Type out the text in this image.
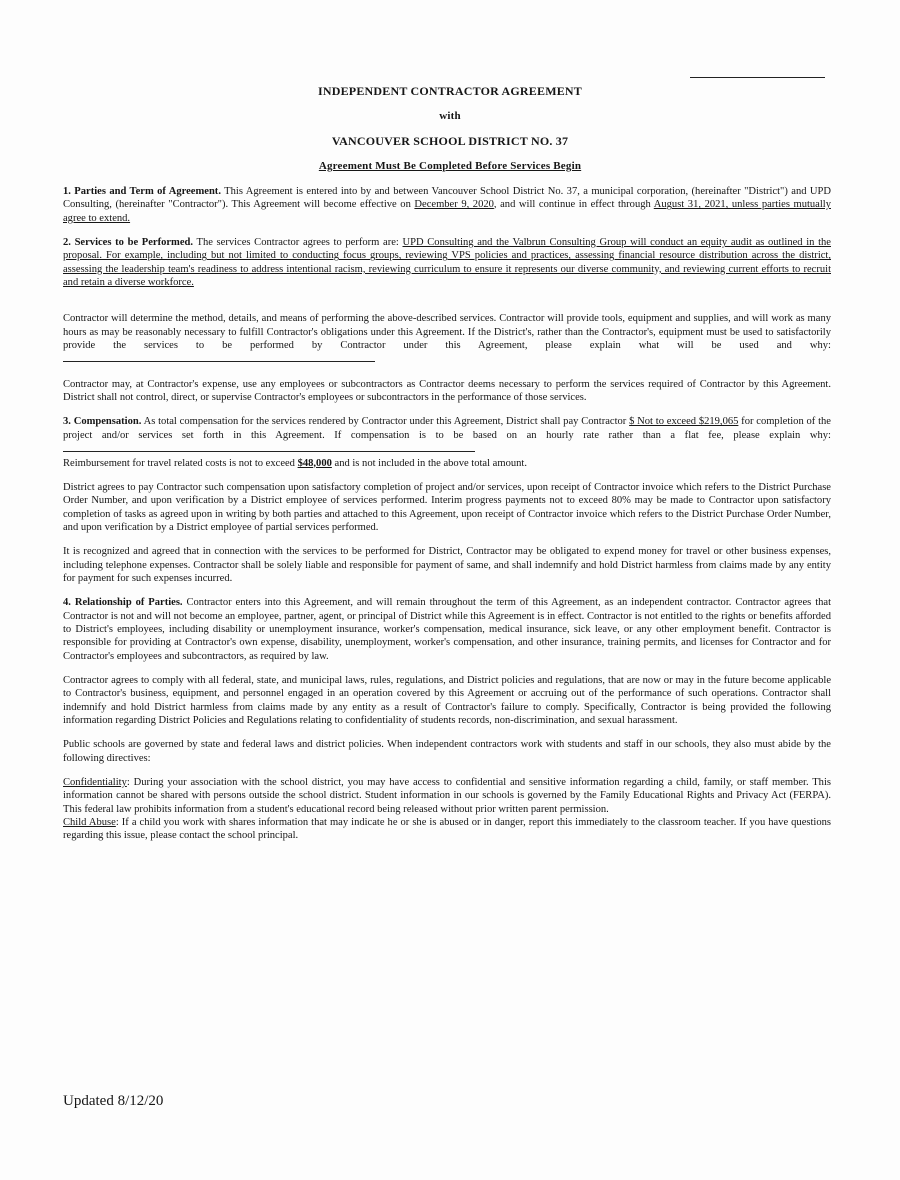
INDEPENDENT CONTRACTOR AGREEMENT
with
VANCOUVER SCHOOL DISTRICT NO. 37
Agreement Must Be Completed Before Services Begin

1. Parties and Term of Agreement. This Agreement is entered into by and between Vancouver School District No. 37, a municipal corporation, (hereinafter "District") and UPD Consulting, (hereinafter "Contractor"). This Agreement will become effective on December 9, 2020, and will continue in effect through August 31, 2021, unless parties mutually agree to extend.

2. Services to be Performed. The services Contractor agrees to perform are: UPD Consulting and the Valbrun Consulting Group will conduct an equity audit as outlined in the proposal. For example, including but not limited to conducting focus groups, reviewing VPS policies and practices, assessing financial resource distribution across the district, assessing the leadership team's readiness to address intentional racism, reviewing curriculum to ensure it represents our diverse community, and reviewing current efforts to recruit and retain a diverse workforce.

Contractor will determine the method, details, and means of performing the above-described services. Contractor will provide tools, equipment and supplies, and will work as many hours as may be reasonably necessary to fulfill Contractor's obligations under this Agreement. If the District's, rather than the Contractor's, equipment must be used to satisfactorily provide the services to be performed by Contractor under this Agreement, please explain what will be used and why:

Contractor may, at Contractor's expense, use any employees or subcontractors as Contractor deems necessary to perform the services required of Contractor by this Agreement. District shall not control, direct, or supervise Contractor's employees or subcontractors in the performance of those services.

3. Compensation. As total compensation for the services rendered by Contractor under this Agreement, District shall pay Contractor $ Not to exceed $219,065 for completion of the project and/or services set forth in this Agreement. If compensation is to be based on an hourly rate rather than a flat fee, please explain why:
Reimbursement for travel related costs is not to exceed $48,000 and is not included in the above total amount.

District agrees to pay Contractor such compensation upon satisfactory completion of project and/or services, upon receipt of Contractor invoice which refers to the District Purchase Order Number, and upon verification by a District employee of services performed. Interim progress payments not to exceed 80% may be made to Contractor upon satisfactory completion of tasks as agreed upon in writing by both parties and attached to this Agreement, upon receipt of Contractor invoice which refers to the District Purchase Order Number, and upon verification by a District employee of partial services performed.

It is recognized and agreed that in connection with the services to be performed for District, Contractor may be obligated to expend money for travel or other business expenses, including telephone expenses. Contractor shall be solely liable and responsible for payment of same, and shall indemnify and hold District harmless from claims made by any entity for payment for such expenses incurred.

4. Relationship of Parties. Contractor enters into this Agreement, and will remain throughout the term of this Agreement, as an independent contractor. Contractor agrees that Contractor is not and will not become an employee, partner, agent, or principal of District while this Agreement is in effect. Contractor is not entitled to the rights or benefits afforded to District's employees, including disability or unemployment insurance, worker's compensation, medical insurance, sick leave, or any other employment benefit. Contractor is responsible for providing at Contractor's own expense, disability, unemployment, worker's compensation, and other insurance, training permits, and licenses for Contractor and for Contractor's employees and subcontractors, as required by law.

Contractor agrees to comply with all federal, state, and municipal laws, rules, regulations, and District policies and regulations, that are now or may in the future become applicable to Contractor's business, equipment, and personnel engaged in an operation covered by this Agreement or accruing out of the performance of such operations. Contractor shall indemnify and hold District harmless from claims made by any entity as a result of Contractor's failure to comply. Specifically, Contractor is being provided the following information regarding District Policies and Regulations relating to confidentiality of students records, non-discrimination, and sexual harassment.

Public schools are governed by state and federal laws and district policies. When independent contractors work with students and staff in our schools, they also must abide by the following directives:

Confidentiality: During your association with the school district, you may have access to confidential and sensitive information regarding a child, family, or staff member. This information cannot be shared with persons outside the school district. Student information in our schools is governed by the Family Educational Rights and Privacy Act (FERPA). This federal law prohibits information from a student's educational record being released without prior written parent permission.

Child Abuse: If a child you work with shares information that may indicate he or she is abused or in danger, report this immediately to the classroom teacher. If you have questions regarding this issue, please contact the school principal.

Updated 8/12/20
